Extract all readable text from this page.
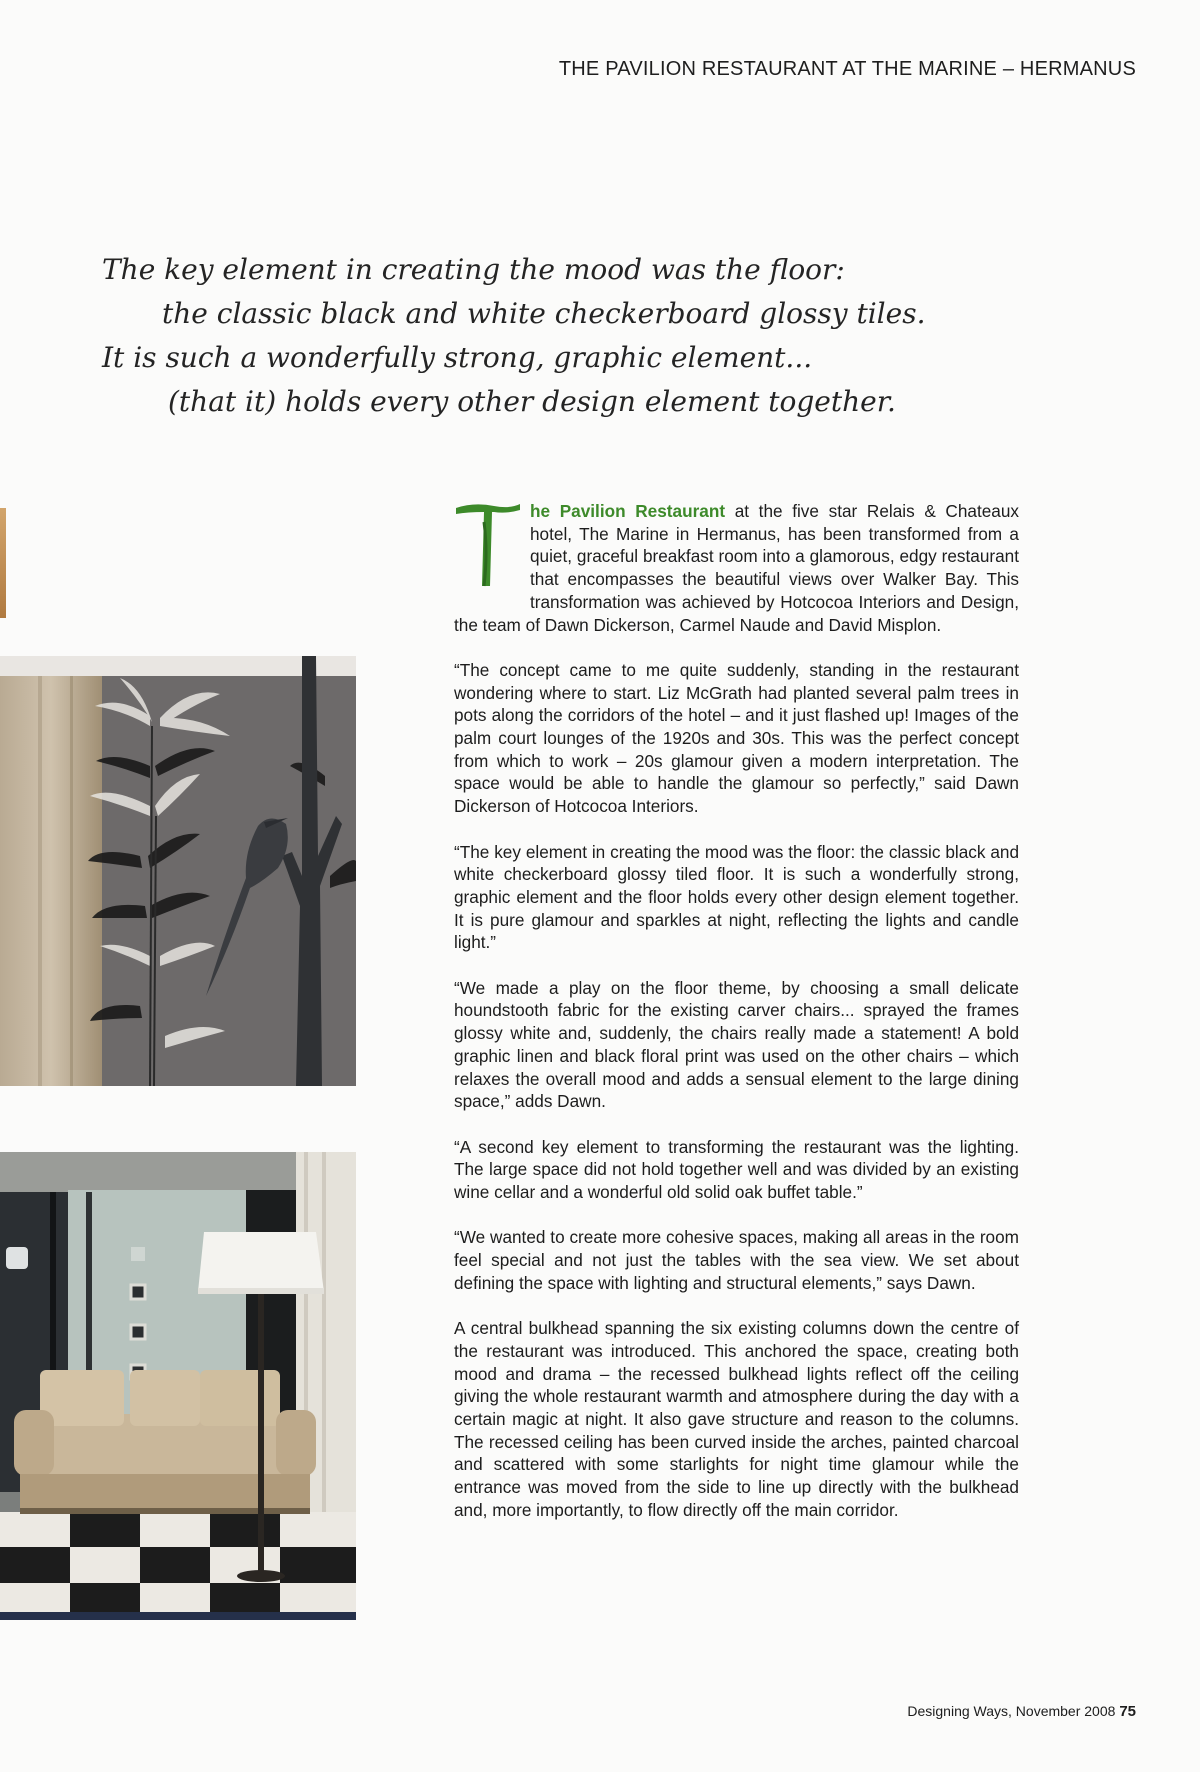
THE PAVILION RESTAURANT AT THE MARINE – HERMANUS
The key element in creating the mood was the floor:
the classic black and white checkerboard glossy tiles.
It is such a wonderfully strong, graphic element...
(that it) holds every other design element together.

he Pavilion Restaurant at the five star Relais & Chateaux hotel, The Marine in Hermanus, has been transformed from a quiet, graceful breakfast room into a glamorous, edgy restaurant that encompasses the beautiful views over Walker Bay. This transformation was achieved by Hotcocoa Interiors and Design, the team of Dawn Dickerson, Carmel Naude and David Misplon.

“The concept came to me quite suddenly, standing in the restaurant wondering where to start. Liz McGrath had planted several palm trees in pots along the corridors of the hotel – and it just flashed up! Images of the palm court lounges of the 1920s and 30s. This was the perfect concept from which to work – 20s glamour given a modern interpretation. The space would be able to handle the glamour so perfectly,” said Dawn Dickerson of Hotcocoa Interiors.

“The key element in creating the mood was the floor: the classic black and white checkerboard glossy tiled floor. It is such a wonderfully strong, graphic element and the floor holds every other design element together. It is pure glamour and sparkles at night, reflecting the lights and candle light.”

“We made a play on the floor theme, by choosing a small delicate houndstooth fabric for the existing carver chairs... sprayed the frames glossy white and, suddenly, the chairs really made a statement! A bold graphic linen and black floral print was used on the other chairs – which relaxes the overall mood and adds a sensual element to the large dining space,” adds Dawn.

“A second key element to transforming the restaurant was the lighting. The large space did not hold together well and was divided by an existing wine cellar and a wonderful old solid oak buffet table.”

“We wanted to create more cohesive spaces, making all areas in the room feel special and not just the tables with the sea view. We set about defining the space with lighting and structural elements,” says Dawn.

A central bulkhead spanning the six existing columns down the centre of the restaurant was introduced. This anchored the space, creating both mood and drama – the recessed bulkhead lights reflect off the ceiling giving the whole restaurant warmth and atmosphere during the day with a certain magic at night. It also gave structure and reason to the columns. The recessed ceiling has been curved inside the arches, painted charcoal and scattered with some starlights for night time glamour while the entrance was moved from the side to line up directly with the bulkhead and, more importantly, to flow directly off the main corridor.

Designing Ways, November 2008 75
